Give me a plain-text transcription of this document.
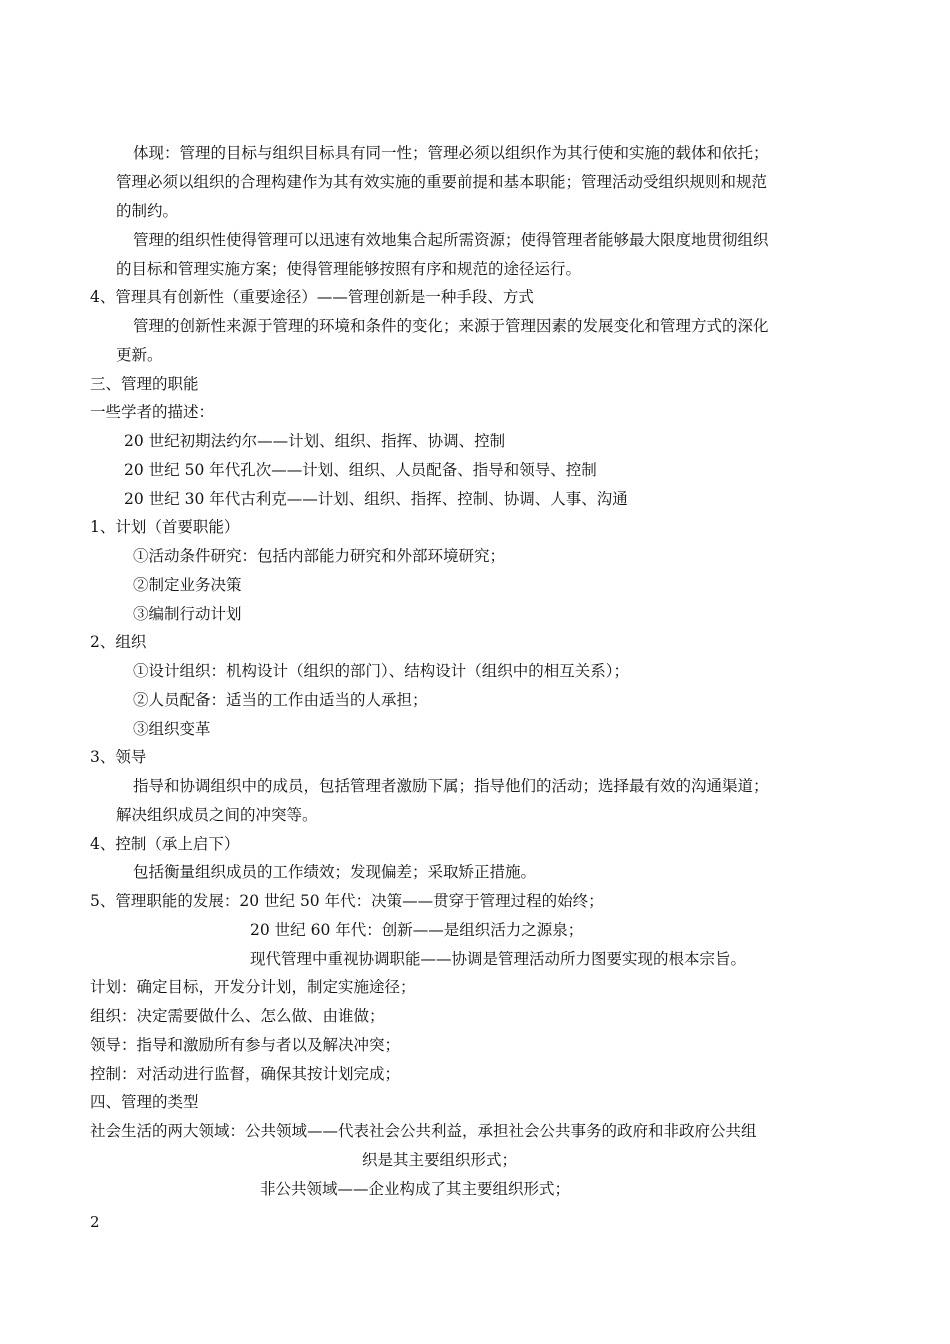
体现：管理的目标与组织目标具有同一性；管理必须以组织作为其行使和实施的载体和依托；
管理必须以组织的合理构建作为其有效实施的重要前提和基本职能；管理活动受组织规则和规范
的制约。
管理的组织性使得管理可以迅速有效地集合起所需资源；使得管理者能够最大限度地贯彻组织
的目标和管理实施方案；使得管理能够按照有序和规范的途径运行。
4、管理具有创新性（重要途径）——管理创新是一种手段、方式
管理的创新性来源于管理的环境和条件的变化；来源于管理因素的发展变化和管理方式的深化
更新。
三、管理的职能
一些学者的描述：
20 世纪初期法约尔——计划、组织、指挥、协调、控制
20 世纪 50 年代孔次——计划、组织、人员配备、指导和领导、控制
20 世纪 30 年代古利克——计划、组织、指挥、控制、协调、人事、沟通
1、计划（首要职能）
①活动条件研究：包括内部能力研究和外部环境研究；
②制定业务决策
③编制行动计划
2、组织
①设计组织：机构设计（组织的部门）、结构设计（组织中的相互关系）；
②人员配备：适当的工作由适当的人承担；
③组织变革
3、领导
指导和协调组织中的成员，包括管理者激励下属；指导他们的活动；选择最有效的沟通渠道；
解决组织成员之间的冲突等。
4、控制（承上启下）
包括衡量组织成员的工作绩效；发现偏差；采取矫正措施。
5、管理职能的发展：20 世纪 50 年代：决策——贯穿于管理过程的始终；
20 世纪 60 年代：创新——是组织活力之源泉；
现代管理中重视协调职能——协调是管理活动所力图要实现的根本宗旨。
计划：确定目标，开发分计划，制定实施途径；
组织：决定需要做什么、怎么做、由谁做；
领导：指导和激励所有参与者以及解决冲突；
控制：对活动进行监督，确保其按计划完成；
四、管理的类型
社会生活的两大领域：公共领域——代表社会公共利益，承担社会公共事务的政府和非政府公共组
织是其主要组织形式；
非公共领域——企业构成了其主要组织形式；
2
